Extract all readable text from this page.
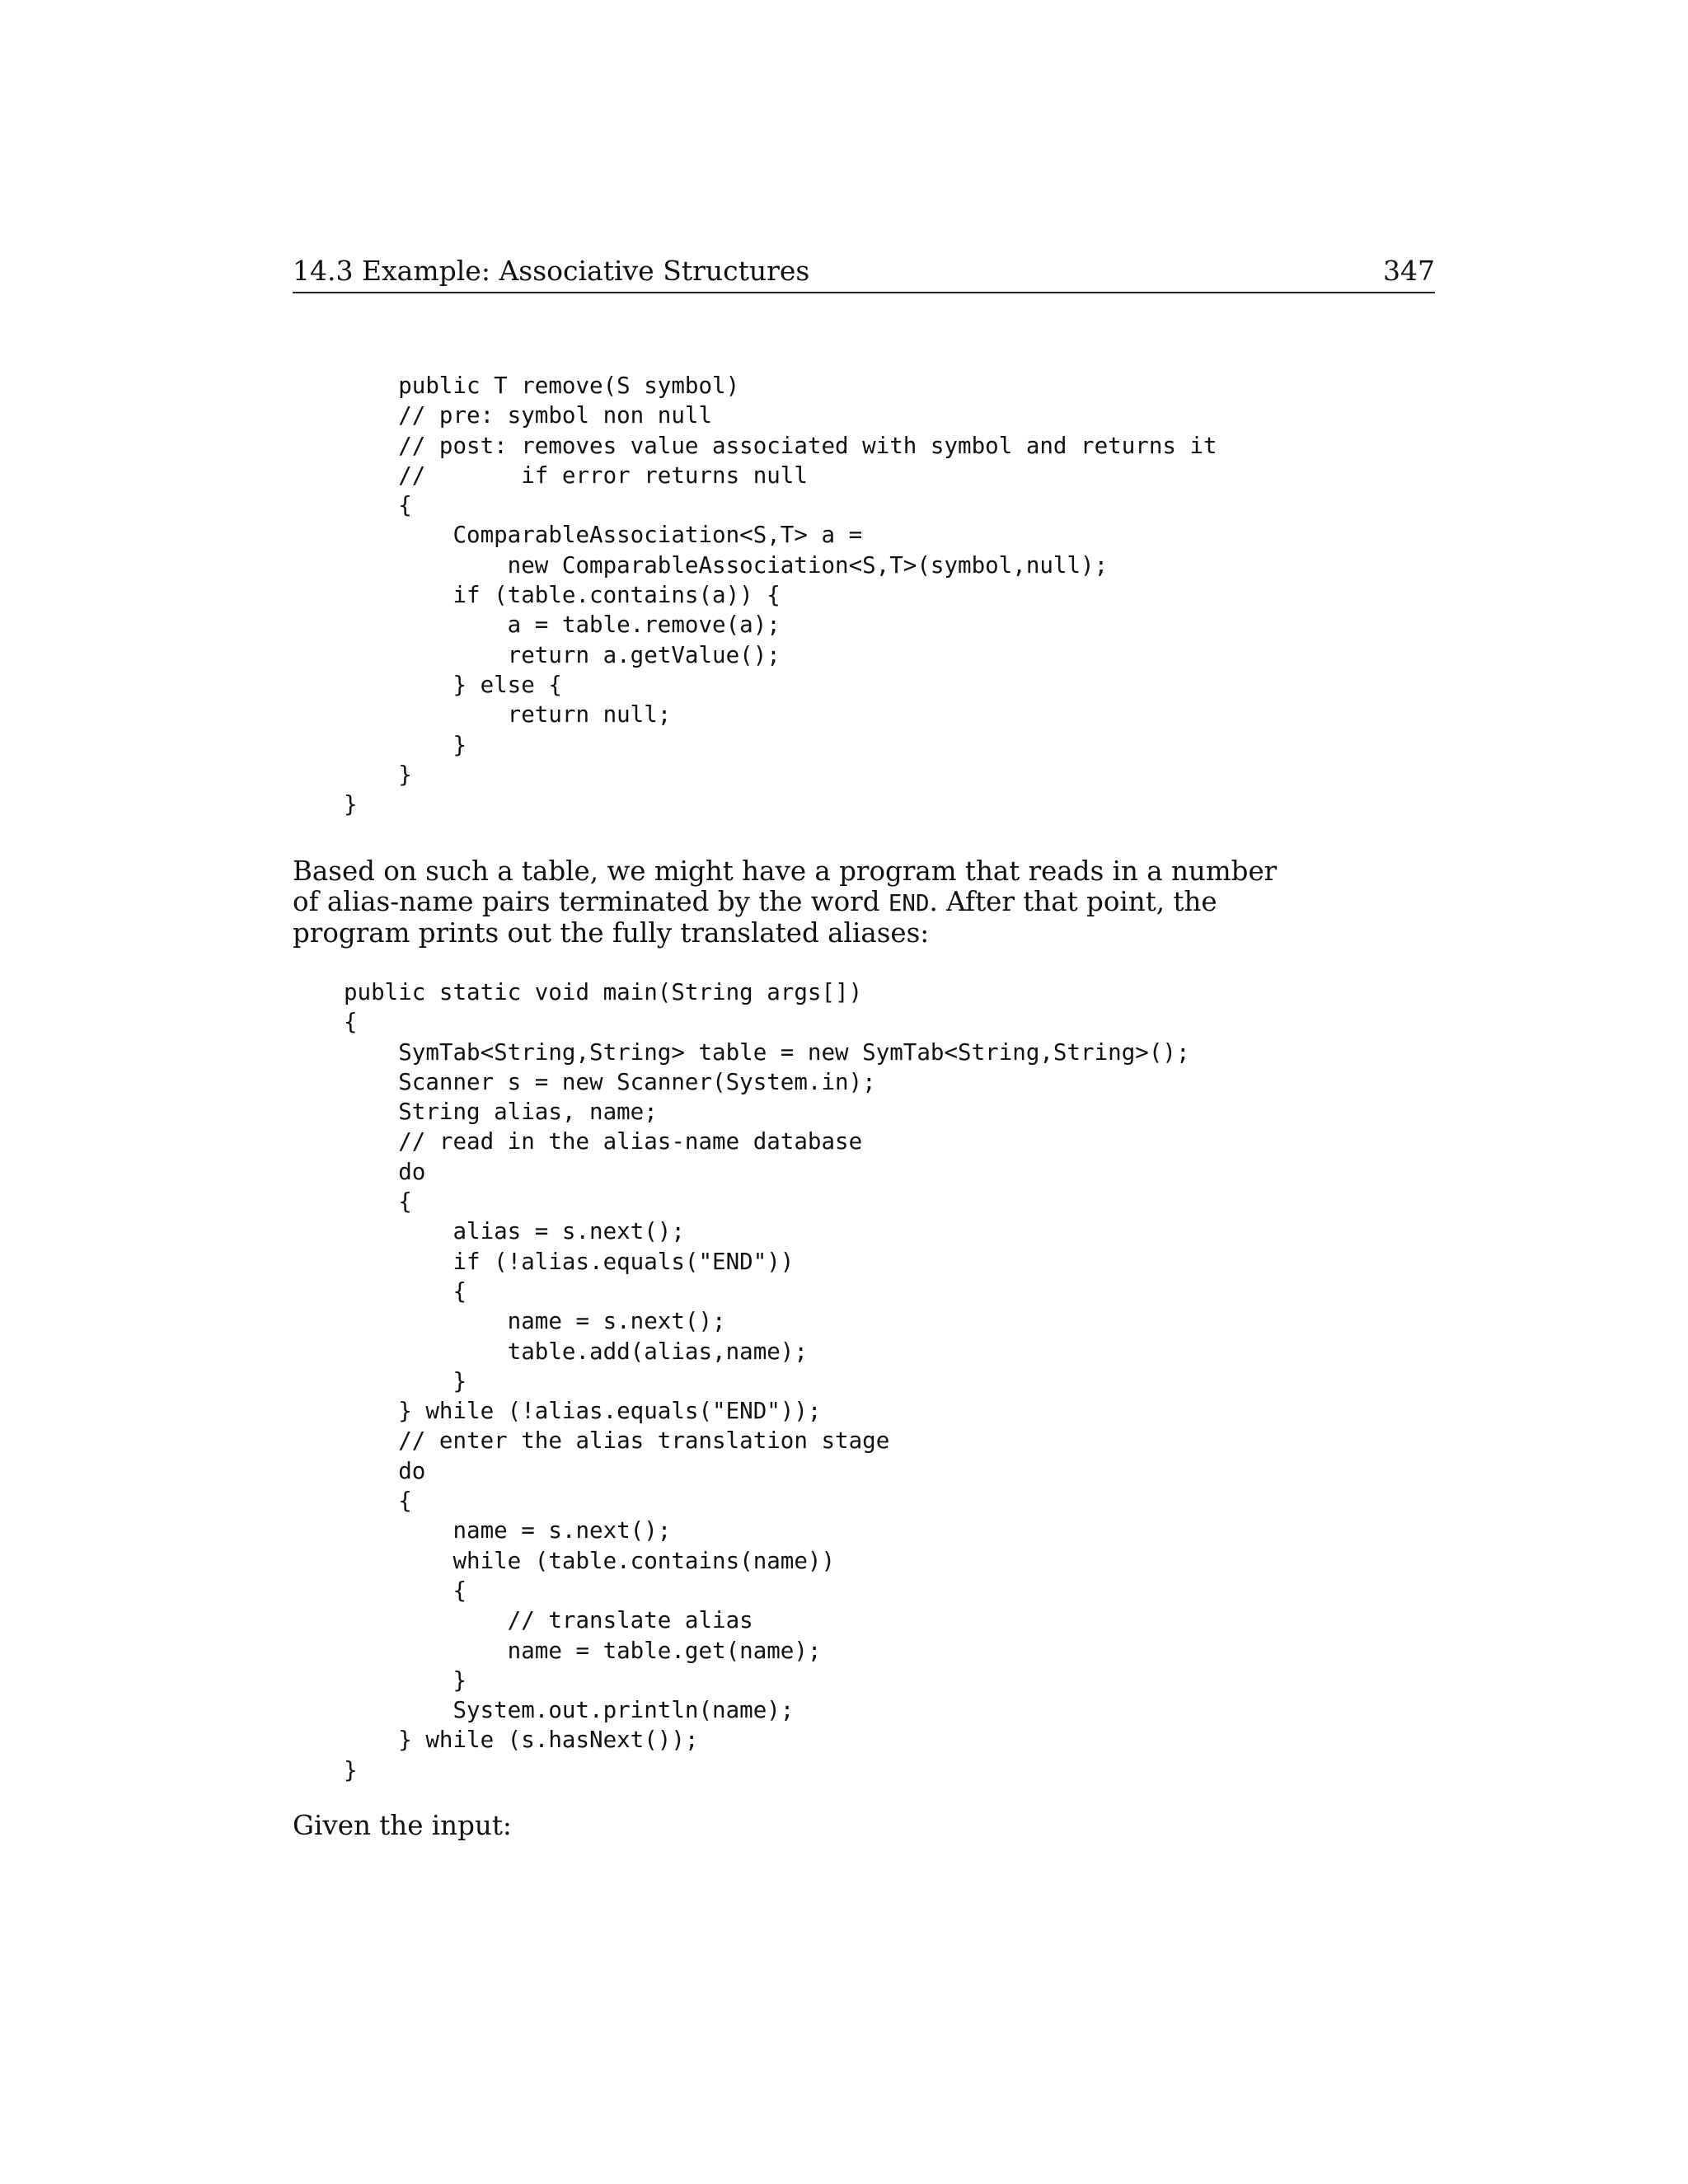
14.3 Example: Associative Structures	347
public T remove(S symbol)
// pre: symbol non null
// post: removes value associated with symbol and returns it
//       if error returns null
{
ComparableAssociation<S,T> a =
new ComparableAssociation<S,T>(symbol,null);
if (table.contains(a)) {
a = table.remove(a);
return a.getValue();
} else {
return null;
}
}
}

Based on such a table, we might have a program that reads in a number of alias-name pairs terminated by the word END. After that point, the program prints out the fully translated aliases:

public static void main(String args[])
{
SymTab<String,String> table = new SymTab<String,String>();
Scanner s = new Scanner(System.in);
String alias, name;
// read in the alias-name database
do
{
alias = s.next();
if (!alias.equals("END"))
{
name = s.next();
table.add(alias,name);
}
} while (!alias.equals("END"));
// enter the alias translation stage
do
{
name = s.next();
while (table.contains(name))
{
// translate alias
name = table.get(name);
}
System.out.println(name);
} while (s.hasNext());
}

Given the input:
